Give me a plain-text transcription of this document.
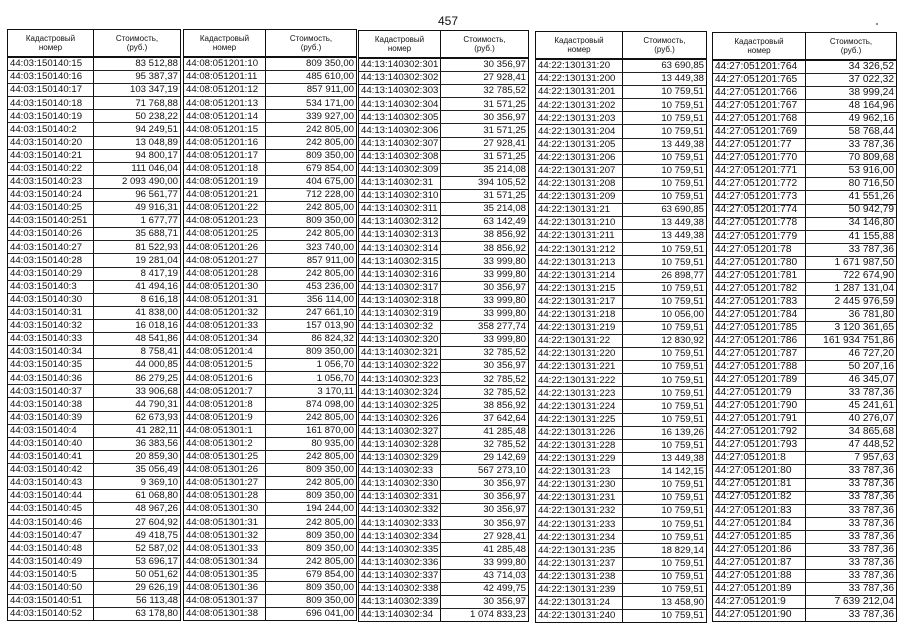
457
Кадастровый
номер
Стоимость,
(руб.)
44:03:150140:15	83 512,88
44:03:150140:16	95 387,37
44:03:150140:17	103 347,19
44:03:150140:18	71 768,88
44:03:150140:19	50 238,22
44:03:150140:2	94 249,51
44:03:150140:20	13 048,89
44:03:150140:21	94 800,17
44:03:150140:22	111 046,04
44:03:150140:23	2 093 490,00
44:03:150140:24	96 561,77
44:03:150140:25	49 916,31
44:03:150140:251	1 677,77
44:03:150140:26	35 688,71
44:03:150140:27	81 522,93
44:03:150140:28	19 281,04
44:03:150140:29	8 417,19
44:03:150140:3	41 494,16
44:03:150140:30	8 616,18
44:03:150140:31	41 838,00
44:03:150140:32	16 018,16
44:03:150140:33	48 541,86
44:03:150140:34	8 758,41
44:03:150140:35	44 000,85
44:03:150140:36	86 279,25
44:03:150140:37	33 906,68
44:03:150140:38	44 790,31
44:03:150140:39	62 673,93
44:03:150140:4	41 282,11
44:03:150140:40	36 383,56
44:03:150140:41	20 859,30
44:03:150140:42	35 056,49
44:03:150140:43	9 369,10
44:03:150140:44	61 068,80
44:03:150140:45	48 967,26
44:03:150140:46	27 604,92
44:03:150140:47	49 418,75
44:03:150140:48	52 587,02
44:03:150140:49	53 696,17
44:03:150140:5	50 051,62
44:03:150140:50	29 626,19
44:03:150140:51	56 113,48
44:03:150140:52	63 178,80
Кадастровый
номер
Стоимость,
(руб.)
44:08:051201:10	809 350,00
44:08:051201:11	485 610,00
44:08:051201:12	857 911,00
44:08:051201:13	534 171,00
44:08:051201:14	339 927,00
44:08:051201:15	242 805,00
44:08:051201:16	242 805,00
44:08:051201:17	809 350,00
44:08:051201:18	679 854,00
44:08:051201:19	404 675,00
44:08:051201:21	712 228,00
44:08:051201:22	242 805,00
44:08:051201:23	809 350,00
44:08:051201:25	242 805,00
44:08:051201:26	323 740,00
44:08:051201:27	857 911,00
44:08:051201:28	242 805,00
44:08:051201:30	453 236,00
44:08:051201:31	356 114,00
44:08:051201:32	247 661,10
44:08:051201:33	157 013,90
44:08:051201:34	86 824,32
44:08:051201:4	809 350,00
44:08:051201:5	1 056,70
44:08:051201:6	1 056,70
44:08:051201:7	3 170,11
44:08:051201:8	874 098,00
44:08:051201:9	242 805,00
44:08:051301:1	161 870,00
44:08:051301:2	80 935,00
44:08:051301:25	242 805,00
44:08:051301:26	809 350,00
44:08:051301:27	242 805,00
44:08:051301:28	809 350,00
44:08:051301:30	194 244,00
44:08:051301:31	242 805,00
44:08:051301:32	809 350,00
44:08:051301:33	809 350,00
44:08:051301:34	242 805,00
44:08:051301:35	679 854,00
44:08:051301:36	809 350,00
44:08:051301:37	809 350,00
44:08:051301:38	696 041,00
Кадастровый
номер
Стоимость,
(руб.)
44:13:140302:301	30 356,97
44:13:140302:302	27 928,41
44:13:140302:303	32 785,52
44:13:140302:304	31 571,25
44:13:140302:305	30 356,97
44:13:140302:306	31 571,25
44:13:140302:307	27 928,41
44:13:140302:308	31 571,25
44:13:140302:309	35 214,08
44:13:140302:31	394 105,52
44:13:140302:310	31 571,25
44:13:140302:311	35 214,08
44:13:140302:312	63 142,49
44:13:140302:313	38 856,92
44:13:140302:314	38 856,92
44:13:140302:315	33 999,80
44:13:140302:316	33 999,80
44:13:140302:317	30 356,97
44:13:140302:318	33 999,80
44:13:140302:319	33 999,80
44:13:140302:32	358 277,74
44:13:140302:320	33 999,80
44:13:140302:321	32 785,52
44:13:140302:322	30 356,97
44:13:140302:323	32 785,52
44:13:140302:324	32 785,52
44:13:140302:325	38 856,92
44:13:140302:326	37 642,64
44:13:140302:327	41 285,48
44:13:140302:328	32 785,52
44:13:140302:329	29 142,69
44:13:140302:33	567 273,10
44:13:140302:330	30 356,97
44:13:140302:331	30 356,97
44:13:140302:332	30 356,97
44:13:140302:333	30 356,97
44:13:140302:334	27 928,41
44:13:140302:335	41 285,48
44:13:140302:336	33 999,80
44:13:140302:337	43 714,03
44:13:140302:338	42 499,75
44:13:140302:339	30 356,97
44:13:140302:34	1 074 833,23
Кадастровый
номер
Стоимость,
(руб.)
44:22:130131:20	63 690,85
44:22:130131:200	13 449,38
44:22:130131:201	10 759,51
44:22:130131:202	10 759,51
44:22:130131:203	10 759,51
44:22:130131:204	10 759,51
44:22:130131:205	13 449,38
44:22:130131:206	10 759,51
44:22:130131:207	10 759,51
44:22:130131:208	10 759,51
44:22:130131:209	10 759,51
44:22:130131:21	63 690,85
44:22:130131:210	13 449,38
44:22:130131:211	13 449,38
44:22:130131:212	10 759,51
44:22:130131:213	10 759,51
44:22:130131:214	26 898,77
44:22:130131:215	10 759,51
44:22:130131:217	10 759,51
44:22:130131:218	10 056,00
44:22:130131:219	10 759,51
44:22:130131:22	12 830,92
44:22:130131:220	10 759,51
44:22:130131:221	10 759,51
44:22:130131:222	10 759,51
44:22:130131:223	10 759,51
44:22:130131:224	10 759,51
44:22:130131:225	10 759,51
44:22:130131:226	16 139,26
44:22:130131:228	10 759,51
44:22:130131:229	13 449,38
44:22:130131:23	14 142,15
44:22:130131:230	10 759,51
44:22:130131:231	10 759,51
44:22:130131:232	10 759,51
44:22:130131:233	10 759,51
44:22:130131:234	10 759,51
44:22:130131:235	18 829,14
44:22:130131:237	10 759,51
44:22:130131:238	10 759,51
44:22:130131:239	10 759,51
44:22:130131:24	13 458,90
44:22:130131:240	10 759,51
Кадастровый
номер
Стоимость,
(руб.)
44:27:051201:764	34 326,52
44:27:051201:765	37 022,32
44:27:051201:766	38 999,24
44:27:051201:767	48 164,96
44:27:051201:768	49 962,16
44:27:051201:769	58 768,44
44:27:051201:77	33 787,36
44:27:051201:770	70 809,68
44:27:051201:771	53 916,00
44:27:051201:772	80 716,50
44:27:051201:773	41 551,26
44:27:051201:774	50 942,79
44:27:051201:778	34 146,80
44:27:051201:779	41 155,88
44:27:051201:78	33 787,36
44:27:051201:780	1 671 987,50
44:27:051201:781	722 674,90
44:27:051201:782	1 287 131,04
44:27:051201:783	2 445 976,59
44:27:051201:784	36 781,80
44:27:051201:785	3 120 361,65
44:27:051201:786	161 934 751,86
44:27:051201:787	46 727,20
44:27:051201:788	50 207,16
44:27:051201:789	46 345,07
44:27:051201:79	33 787,36
44:27:051201:790	45 241,61
44:27:051201:791	40 276,07
44:27:051201:792	34 865,68
44:27:051201:793	47 448,52
44:27:051201:8	7 957,63
44:27:051201:80	33 787,36
44:27:051201:81	33 787,36
44:27:051201:82	33 787,36
44:27:051201:83	33 787,36
44:27:051201:84	33 787,36
44:27:051201:85	33 787,36
44:27:051201:86	33 787,36
44:27:051201:87	33 787,36
44:27:051201:88	33 787,36
44:27:051201:89	33 787,36
44:27:051201:9	7 639 212,04
44:27:051201:90	33 787,36
